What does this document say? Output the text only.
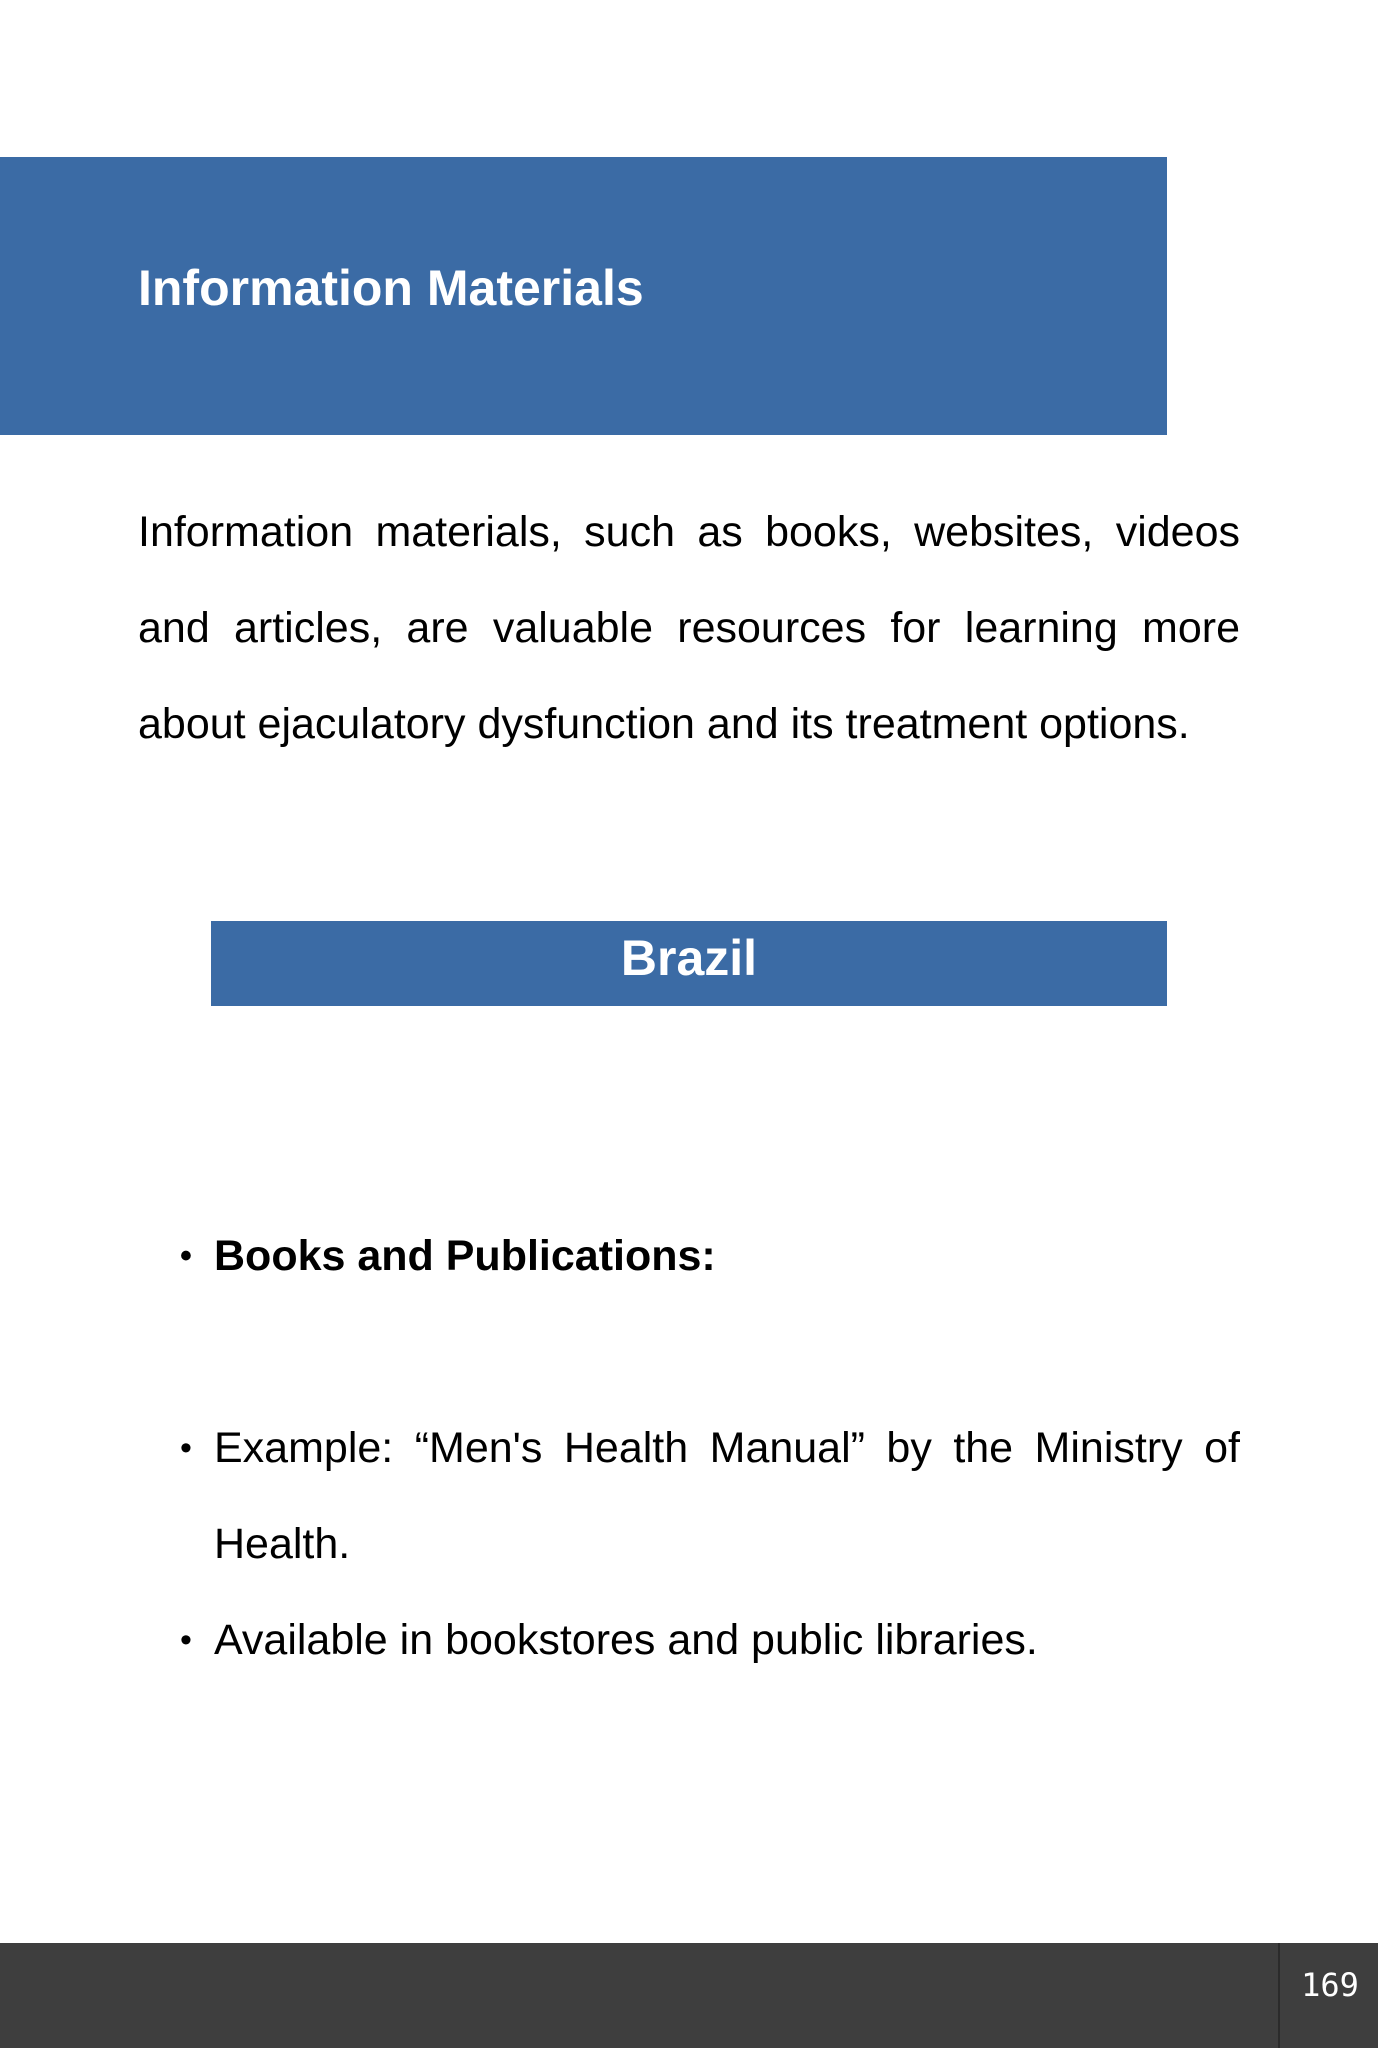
Information Materials

Information materials, such as books, websites, videos and articles, are valuable resources for learning more about ejaculatory dysfunction and its treatment options.

Brazil
• Books and Publications:
• Example: “Men's Health Manual” by the Ministry of Health.
• Available in bookstores and public libraries.
169
